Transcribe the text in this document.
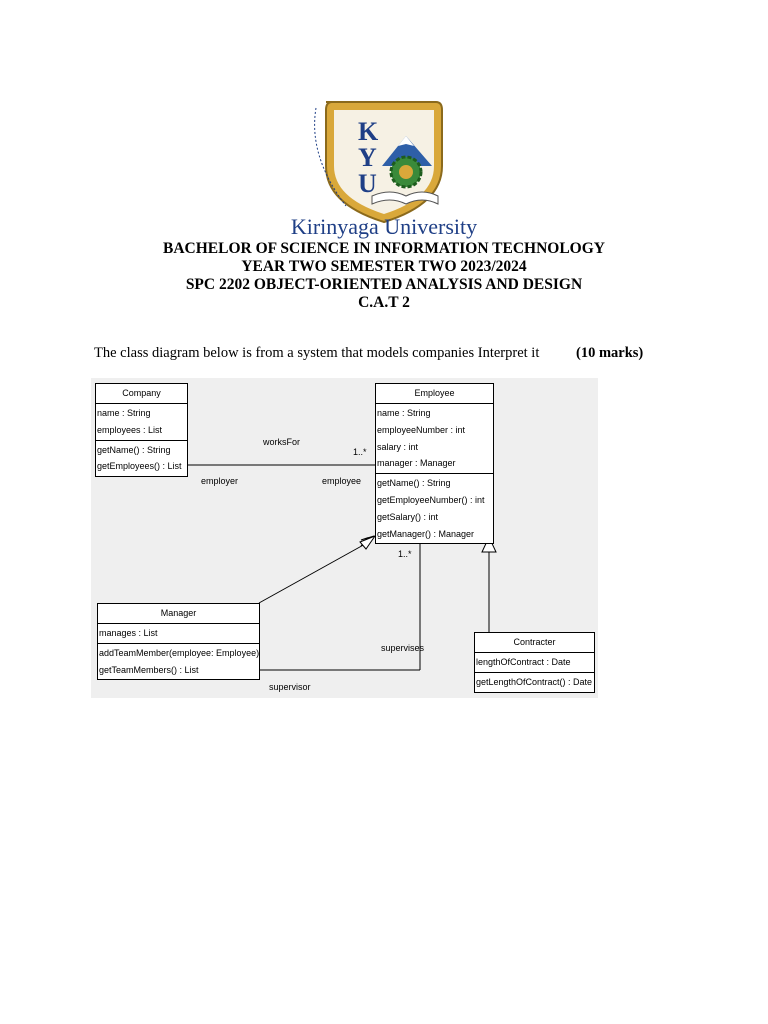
K
Y
U
Kirinyaga University
BACHELOR OF SCIENCE IN INFORMATION TECHNOLOGY
YEAR TWO SEMESTER TWO 2023/2024
SPC 2202 OBJECT-ORIENTED ANALYSIS AND DESIGN
C.A.T 2
The class diagram below is from a system that models companies Interpret it	(10 marks)
Company
name : String
employees : List
getName() : String
getEmployees() : List
Employee
name : String
employeeNumber : int
salary : int
manager : Manager
getName() : String
getEmployeeNumber() : int
getSalary() : int
getManager() : Manager
Manager
manages : List
addTeamMember(employee: Employee)
getTeamMembers() : List
Contracter
lengthOfContract : Date
getLengthOfContract() : Date
worksFor
1..*
employer	employee
1..*
supervises
supervisor
